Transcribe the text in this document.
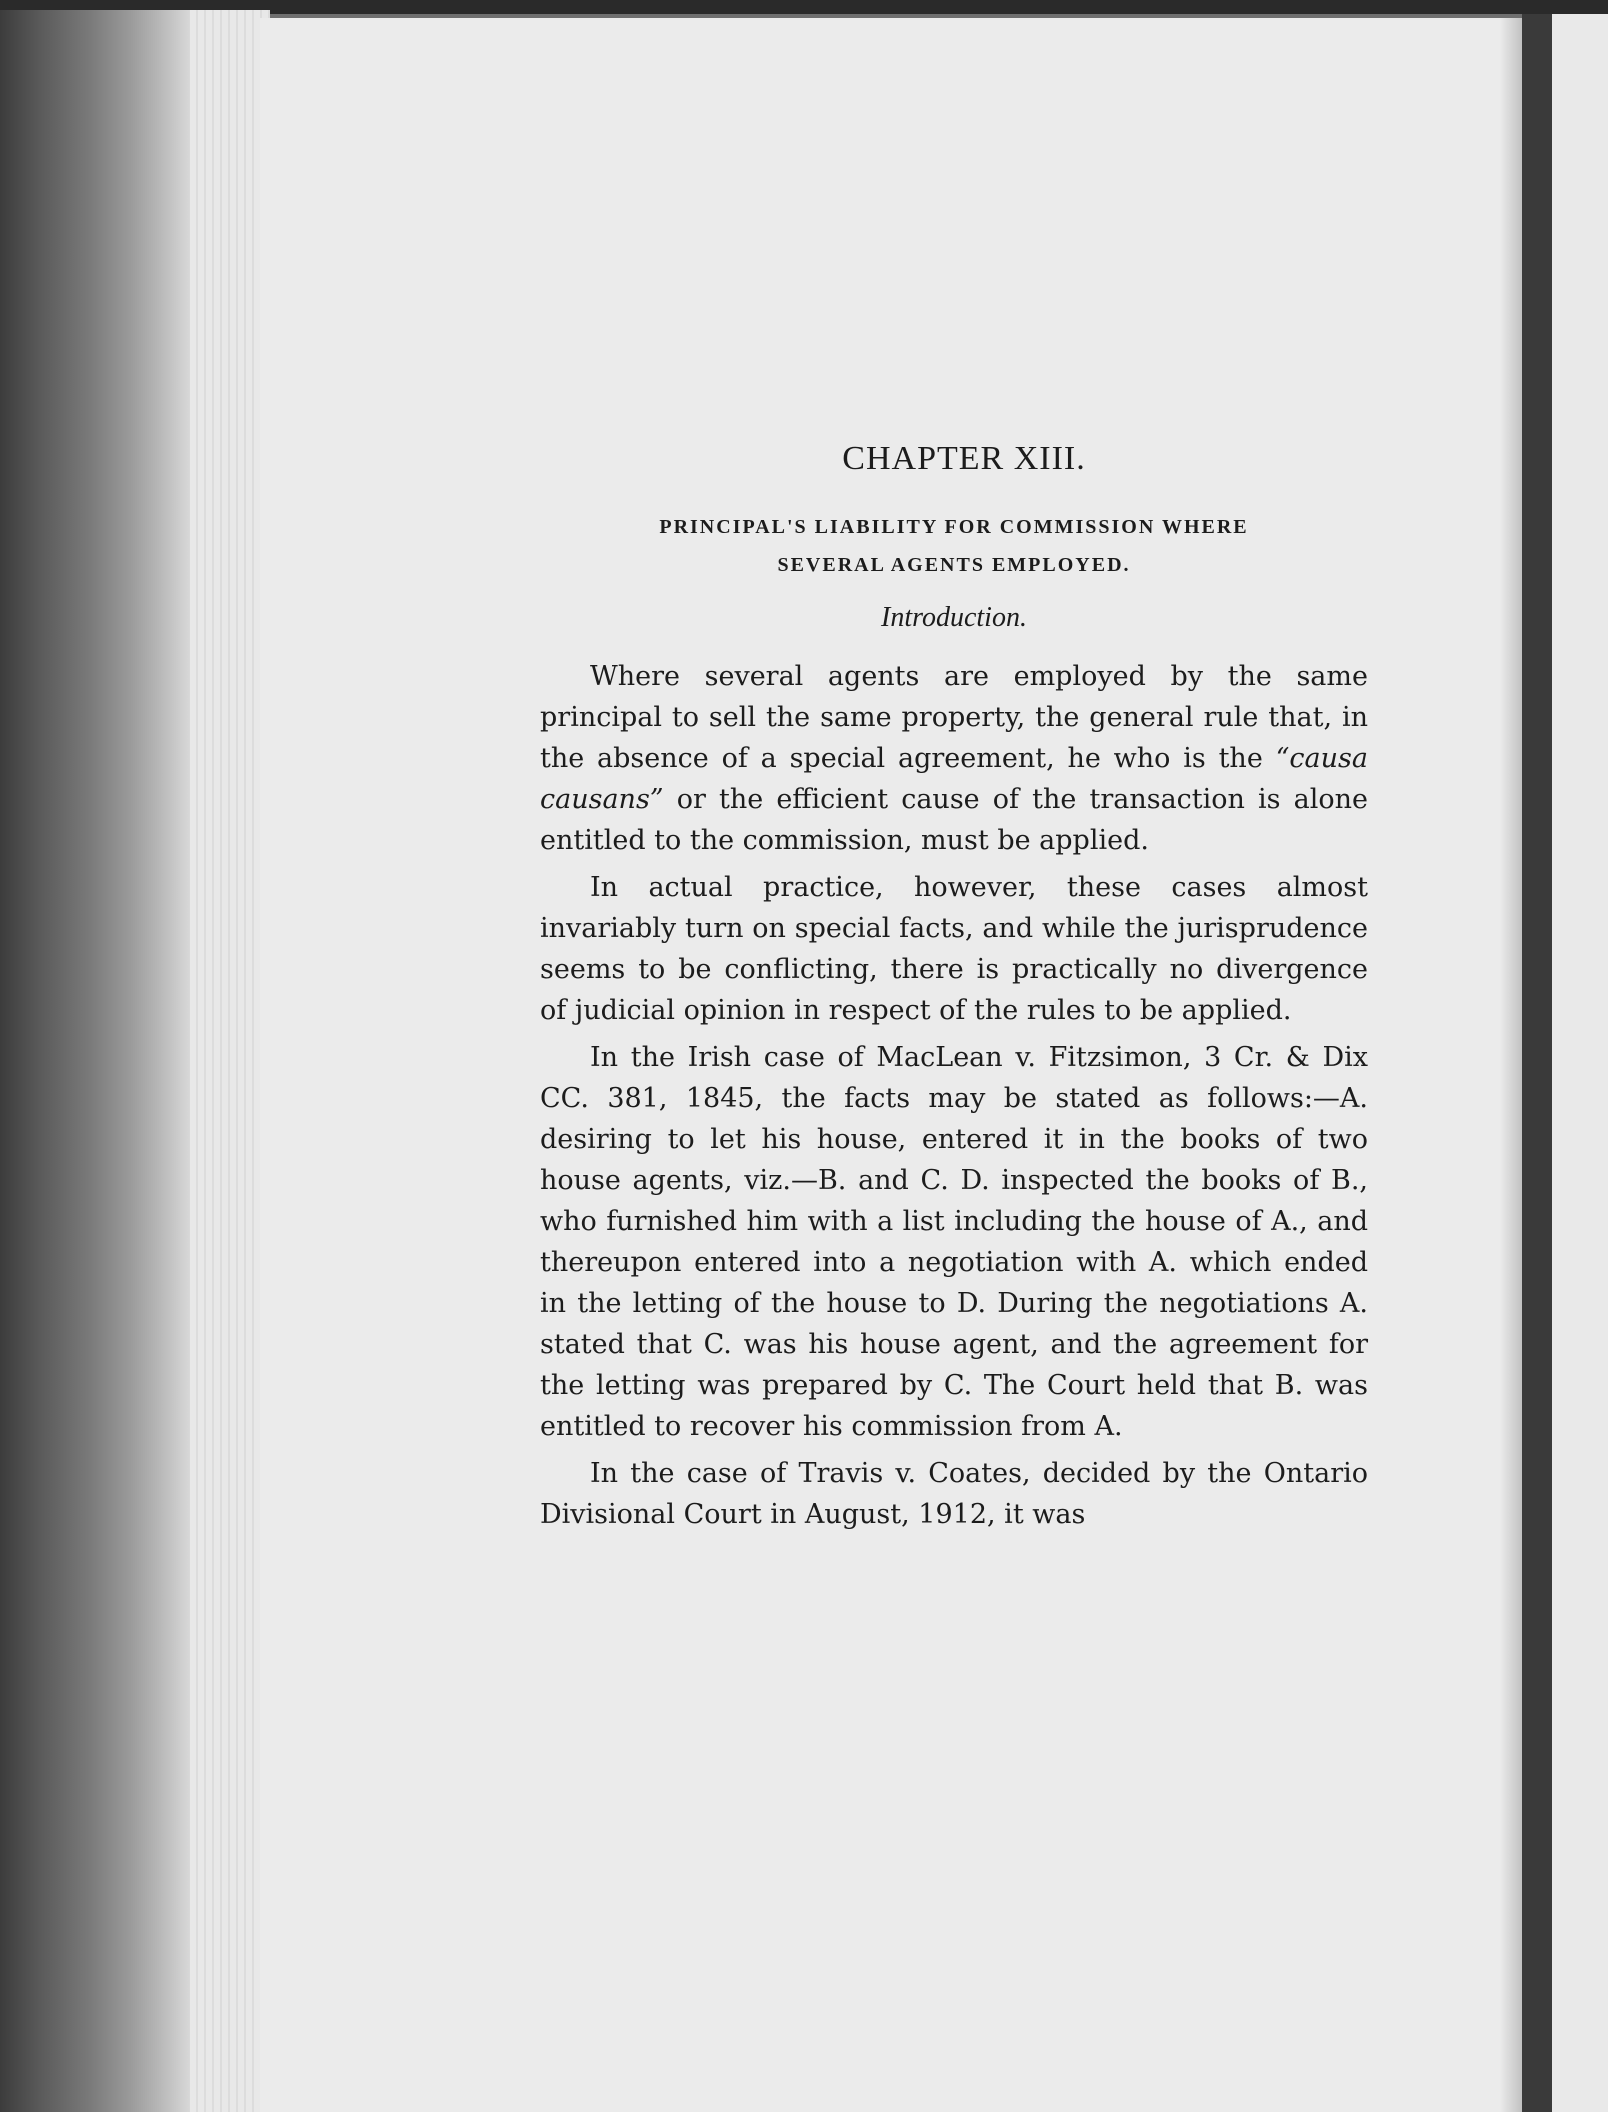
CHAPTER XIII.
PRINCIPAL'S LIABILITY FOR COMMISSION WHERE
SEVERAL AGENTS EMPLOYED.
Introduction.

Where several agents are employed by the same principal to sell the same property, the general rule that, in the absence of a special agreement, he who is the “causa causans” or the efficient cause of the transaction is alone entitled to the commission, must be applied.

In actual practice, however, these cases almost invariably turn on special facts, and while the jurisprudence seems to be conflicting, there is practically no divergence of judicial opinion in respect of the rules to be applied.

In the Irish case of MacLean v. Fitzsimon, 3 Cr. & Dix CC. 381, 1845, the facts may be stated as follows:—A. desiring to let his house, entered it in the books of two house agents, viz.—B. and C. D. inspected the books of B., who furnished him with a list including the house of A., and thereupon entered into a negotiation with A. which ended in the letting of the house to D. During the negotiations A. stated that C. was his house agent, and the agreement for the letting was prepared by C. The Court held that B. was entitled to recover his commission from A.

In the case of Travis v. Coates, decided by the Ontario Divisional Court in August, 1912, it was
